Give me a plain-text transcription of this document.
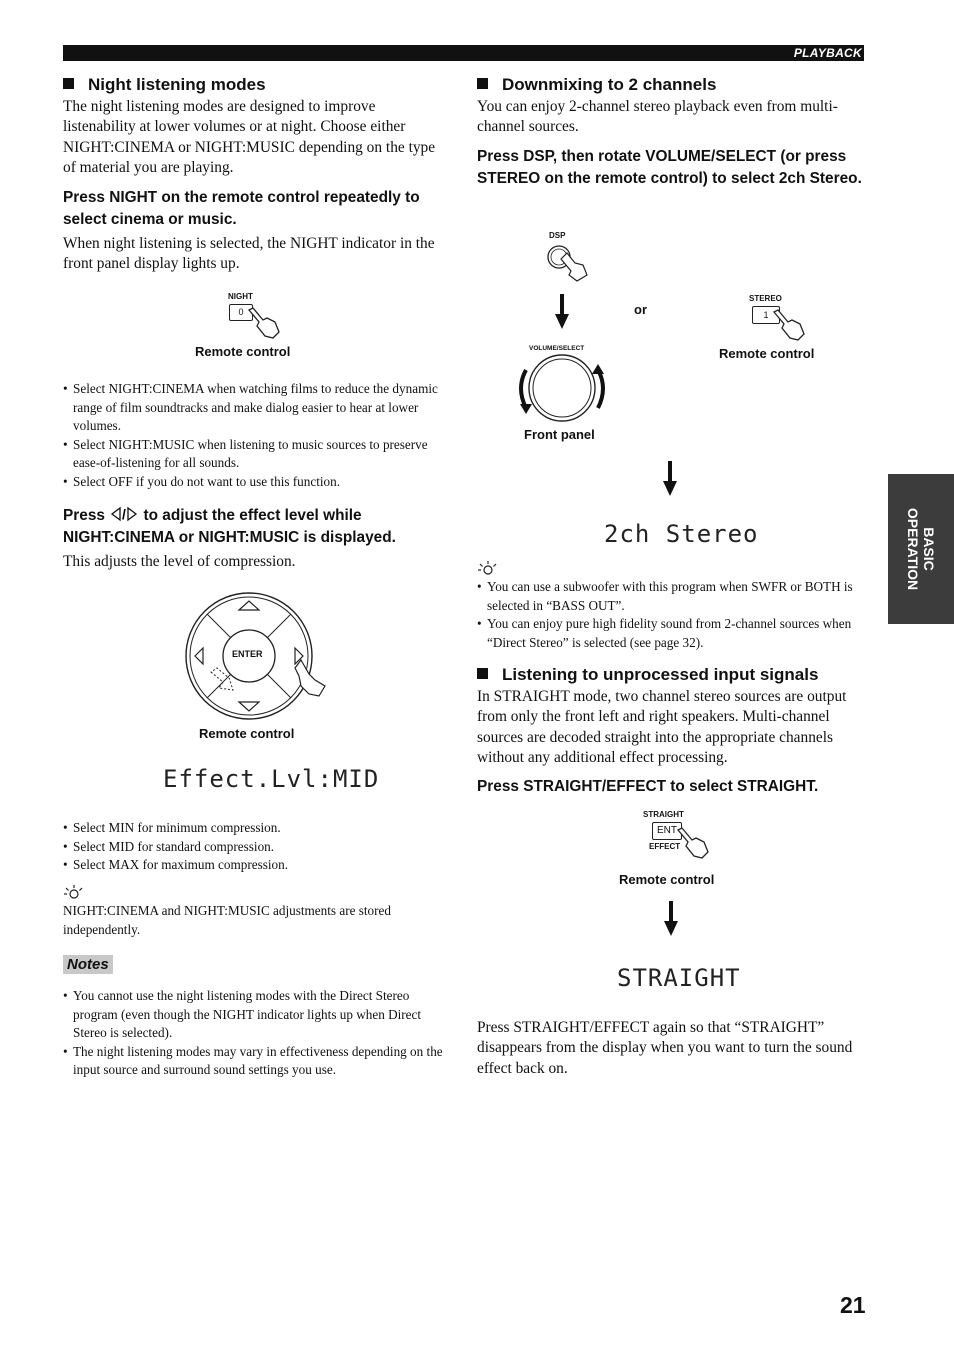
PLAYBACK
BASIC
OPERATION
Night listening modes
The night listening modes are designed to improve listenability at lower volumes or at night. Choose either NIGHT:CINEMA or NIGHT:MUSIC depending on the type of material you are playing.
Press NIGHT on the remote control repeatedly to select cinema or music.
When night listening is selected, the NIGHT indicator in the front panel display lights up.
NIGHT
0
Remote control
• Select NIGHT:CINEMA when watching films to reduce the dynamic range of film soundtracks and make dialog easier to hear at lower volumes.
• Select NIGHT:MUSIC when listening to music sources to preserve ease-of-listening for all sounds.
• Select OFF if you do not want to use this function.
Press / to adjust the effect level while
NIGHT:CINEMA or NIGHT:MUSIC is displayed.
This adjusts the level of compression.
ENTER
Remote control
Effect.Lvl:MID
• Select MIN for minimum compression.
• Select MID for standard compression.
• Select MAX for maximum compression.
NIGHT:CINEMA and NIGHT:MUSIC adjustments are stored independently.
Notes
• You cannot use the night listening modes with the Direct Stereo program (even though the NIGHT indicator lights up when Direct Stereo is selected).
• The night listening modes may vary in effectiveness depending on the input source and surround sound settings you use.
Downmixing to 2 channels
You can enjoy 2-channel stereo playback even from multi-channel sources.
Press DSP, then rotate VOLUME/SELECT (or press STEREO on the remote control) to select 2ch Stereo.
DSP
or
VOLUME/SELECT
Front panel
STEREO
1
Remote control
2ch Stereo
• You can use a subwoofer with this program when SWFR or BOTH is selected in “BASS OUT”.
• You can enjoy pure high fidelity sound from 2-channel sources when “Direct Stereo” is selected (see page 32).
Listening to unprocessed input signals
In STRAIGHT mode, two channel stereo sources are output from only the front left and right speakers. Multi-channel sources are decoded straight into the appropriate channels without any additional effect processing.
Press STRAIGHT/EFFECT to select STRAIGHT.
STRAIGHT
ENT
EFFECT
Remote control
STRAIGHT
Press STRAIGHT/EFFECT again so that “STRAIGHT” disappears from the display when you want to turn the sound effect back on.
21
